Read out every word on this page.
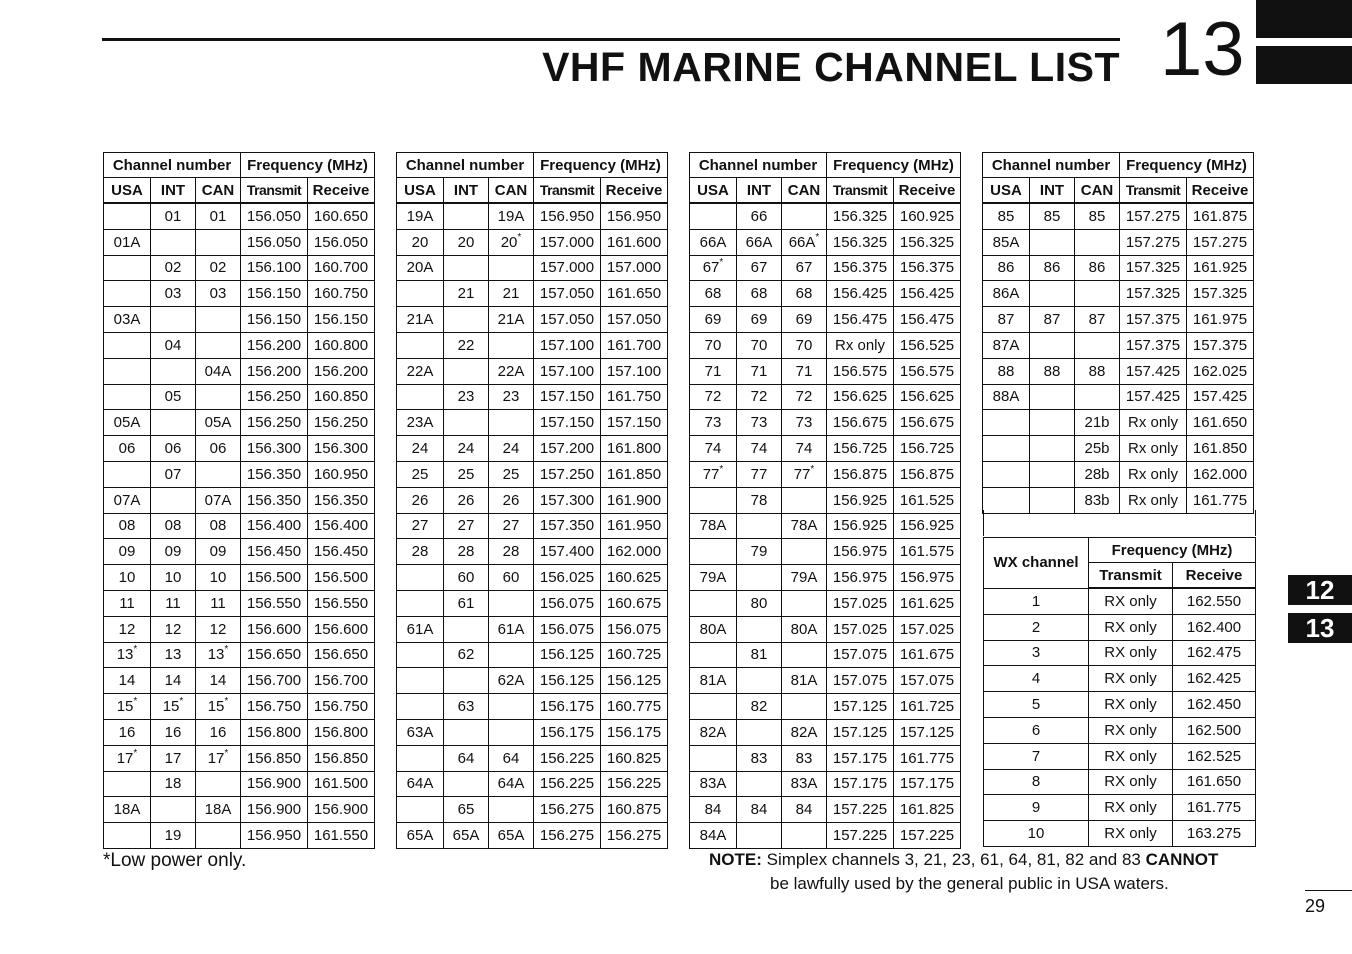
VHF MARINE CHANNEL LIST 13
Channel number			Frequency (MHz)	
USA	INT	CAN	Transmit	Receive
	01	01	156.050	160.650
01A			156.050	156.050
	02	02	156.100	160.700
	03	03	156.150	160.750
03A			156.150	156.150
	04		156.200	160.800
		04A	156.200	156.200
	05		156.250	160.850
05A		05A	156.250	156.250
06	06	06	156.300	156.300
	07		156.350	160.950
07A		07A	156.350	156.350
08	08	08	156.400	156.400
09	09	09	156.450	156.450
10	10	10	156.500	156.500
11	11	11	156.550	156.550
12	12	12	156.600	156.600
13*	13	13*	156.650	156.650
14	14	14	156.700	156.700
15*	15*	15*	156.750	156.750
16	16	16	156.800	156.800
17*	17	17*	156.850	156.850
	18		156.900	161.500
18A		18A	156.900	156.900
	19		156.950	161.550
Channel number			Frequency (MHz)	
USA	INT	CAN	Transmit	Receive
19A		19A	156.950	156.950
20	20	20*	157.000	161.600
20A			157.000	157.000
	21	21	157.050	161.650
21A		21A	157.050	157.050
	22		157.100	161.700
22A		22A	157.100	157.100
	23	23	157.150	161.750
23A			157.150	157.150
24	24	24	157.200	161.800
25	25	25	157.250	161.850
26	26	26	157.300	161.900
27	27	27	157.350	161.950
28	28	28	157.400	162.000
	60	60	156.025	160.625
	61		156.075	160.675
61A		61A	156.075	156.075
	62		156.125	160.725
		62A	156.125	156.125
	63		156.175	160.775
63A			156.175	156.175
	64	64	156.225	160.825
64A		64A	156.225	156.225
	65		156.275	160.875
65A	65A	65A	156.275	156.275
Channel number			Frequency (MHz)	
USA	INT	CAN	Transmit	Receive
	66		156.325	160.925
66A	66A	66A*	156.325	156.325
67*	67	67	156.375	156.375
68	68	68	156.425	156.425
69	69	69	156.475	156.475
70	70	70	Rx only	156.525
71	71	71	156.575	156.575
72	72	72	156.625	156.625
73	73	73	156.675	156.675
74	74	74	156.725	156.725
77*	77	77*	156.875	156.875
	78		156.925	161.525
78A		78A	156.925	156.925
	79		156.975	161.575
79A		79A	156.975	156.975
	80		157.025	161.625
80A		80A	157.025	157.025
	81		157.075	161.675
81A		81A	157.075	157.075
	82		157.125	161.725
82A		82A	157.125	157.125
	83	83	157.175	161.775
83A		83A	157.175	157.175
84	84	84	157.225	161.825
84A			157.225	157.225
Channel number			Frequency (MHz)	
USA	INT	CAN	Transmit	Receive
85	85	85	157.275	161.875
85A			157.275	157.275
86	86	86	157.325	161.925
86A			157.325	157.325
87	87	87	157.375	161.975
87A			157.375	157.375
88	88	88	157.425	162.025
88A			157.425	157.425
		21b	Rx only	161.650
		25b	Rx only	161.850
		28b	Rx only	162.000
		83b	Rx only	161.775
WX channel	Frequency (MHz)	
	Transmit	Receive
1	RX only	162.550
2	RX only	162.400
3	RX only	162.475
4	RX only	162.425
5	RX only	162.450
6	RX only	162.500
7	RX only	162.525
8	RX only	161.650
9	RX only	161.775
10	RX only	163.275
*Low power only.	NOTE: Simplex channels 3, 21, 23, 61, 64, 81, 82 and 83 CANNOT
be lawfully used by the general public in USA waters.
12
13
29
